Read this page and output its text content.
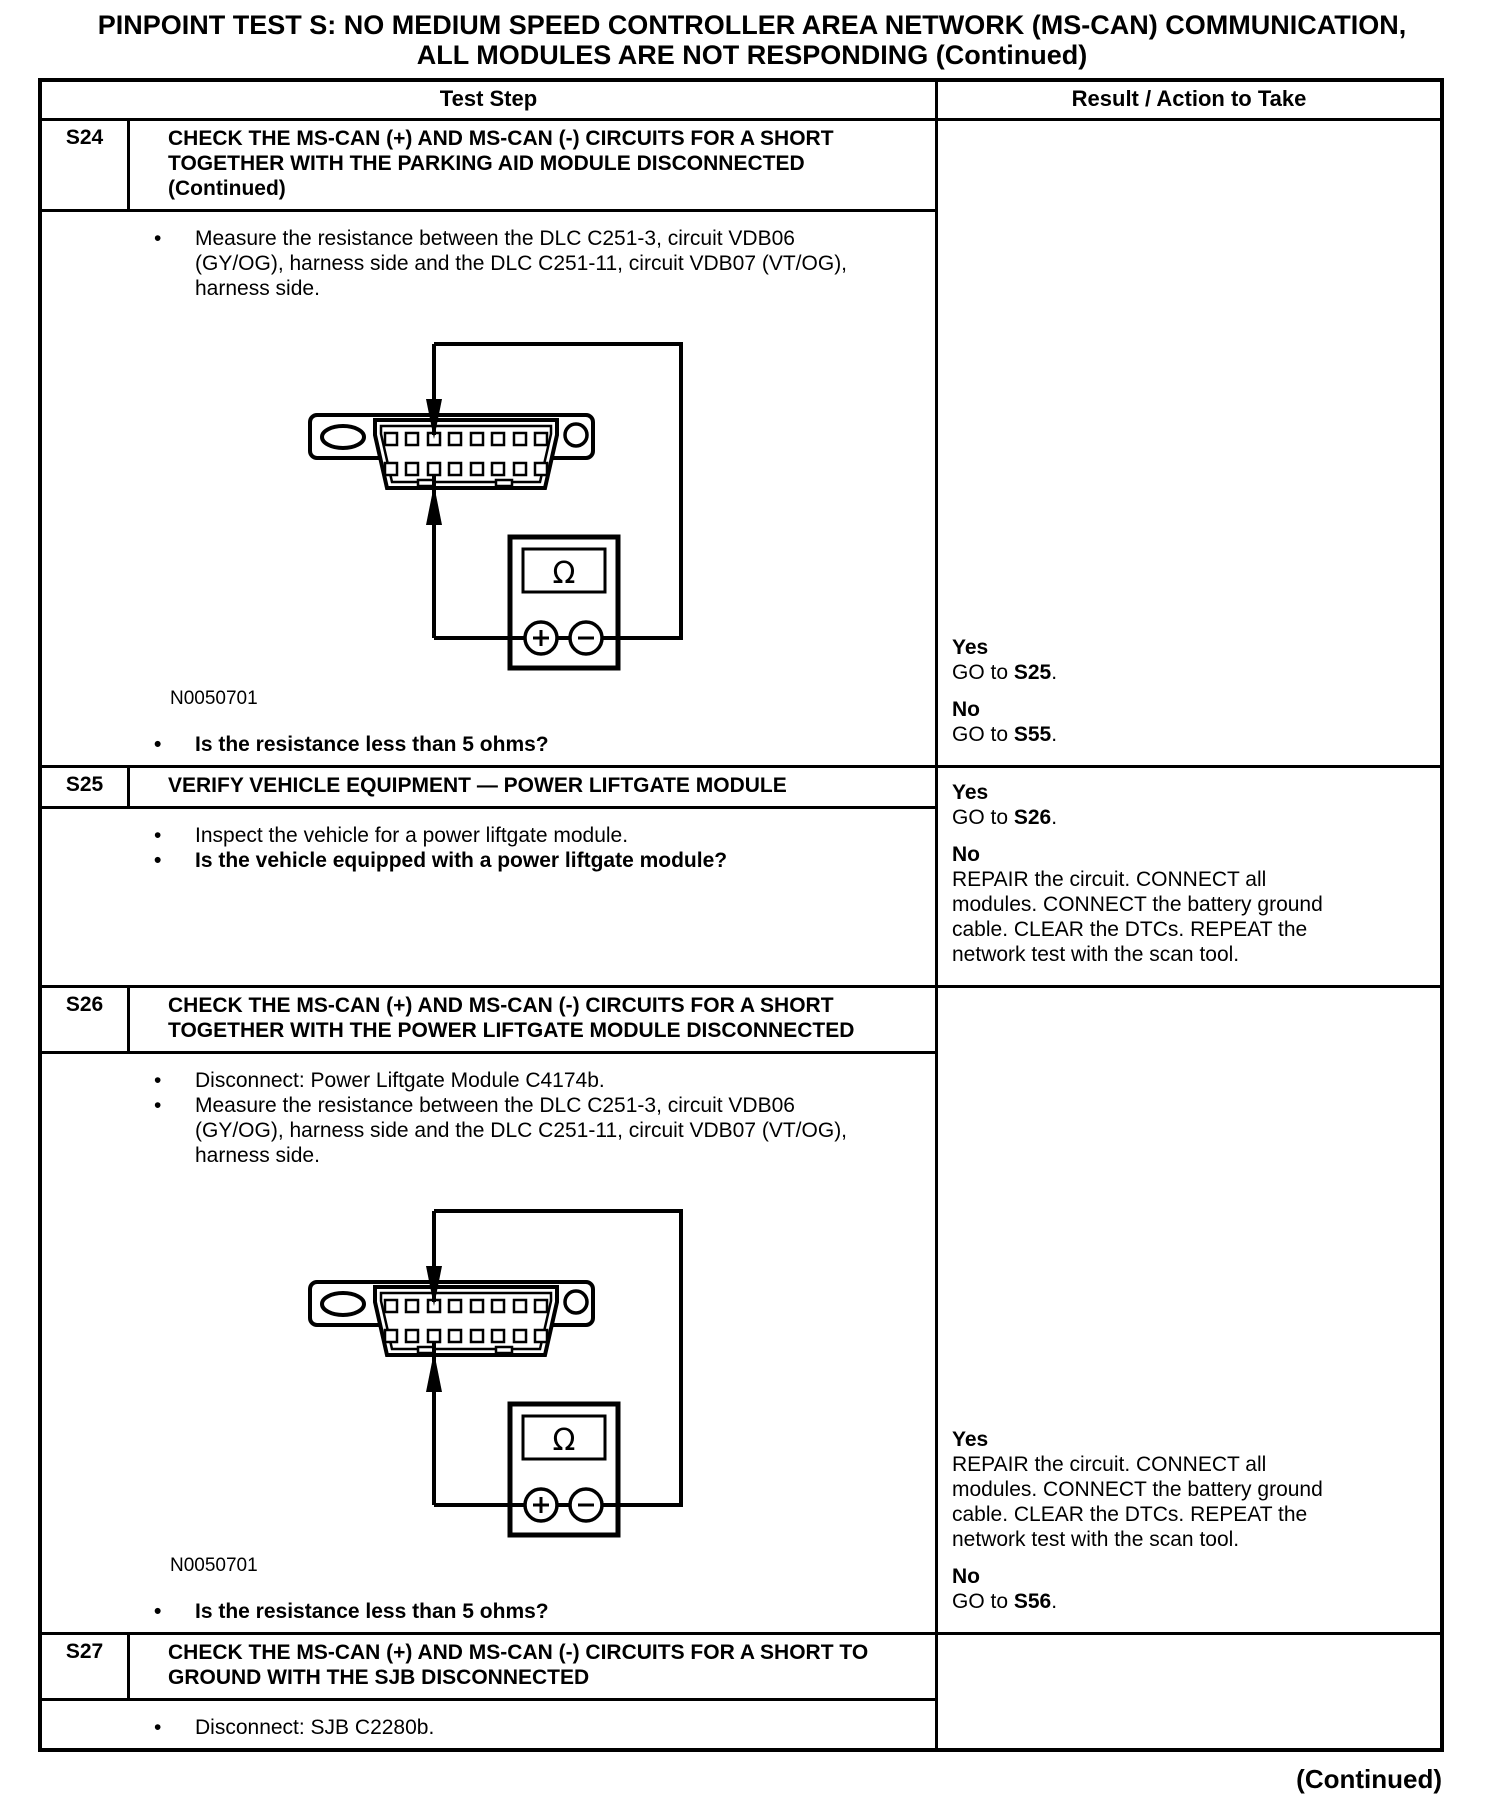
PINPOINT TEST S: NO MEDIUM SPEED CONTROLLER AREA NETWORK (MS-CAN) COMMUNICATION,
ALL MODULES ARE NOT RESPONDING (Continued)
Test Step	Result / Action to Take
S24	CHECK THE MS-CAN (+) AND MS-CAN (-) CIRCUITS FOR A SHORT TOGETHER WITH THE PARKING AID MODULE DISCONNECTED (Continued)
•	Measure the resistance between the DLC C251-3, circuit VDB06 (GY/OG), harness side and the DLC C251-11, circuit VDB07 (VT/OG), harness side.
N0050701
•	Is the resistance less than 5 ohms?
Yes
GO to S25.
No
GO to S55.
S25	VERIFY VEHICLE EQUIPMENT — POWER LIFTGATE MODULE
•	Inspect the vehicle for a power liftgate module.
•	Is the vehicle equipped with a power liftgate module?
Yes
GO to S26.
No
REPAIR the circuit. CONNECT all modules. CONNECT the battery ground cable. CLEAR the DTCs. REPEAT the network test with the scan tool.
S26	CHECK THE MS-CAN (+) AND MS-CAN (-) CIRCUITS FOR A SHORT TOGETHER WITH THE POWER LIFTGATE MODULE DISCONNECTED
•	Disconnect: Power Liftgate Module C4174b.
•	Measure the resistance between the DLC C251-3, circuit VDB06 (GY/OG), harness side and the DLC C251-11, circuit VDB07 (VT/OG), harness side.
N0050701
•	Is the resistance less than 5 ohms?
Yes
REPAIR the circuit. CONNECT all modules. CONNECT the battery ground cable. CLEAR the DTCs. REPEAT the network test with the scan tool.
No
GO to S56.
S27	CHECK THE MS-CAN (+) AND MS-CAN (-) CIRCUITS FOR A SHORT TO GROUND WITH THE SJB DISCONNECTED
•	Disconnect: SJB C2280b.
(Continued)
